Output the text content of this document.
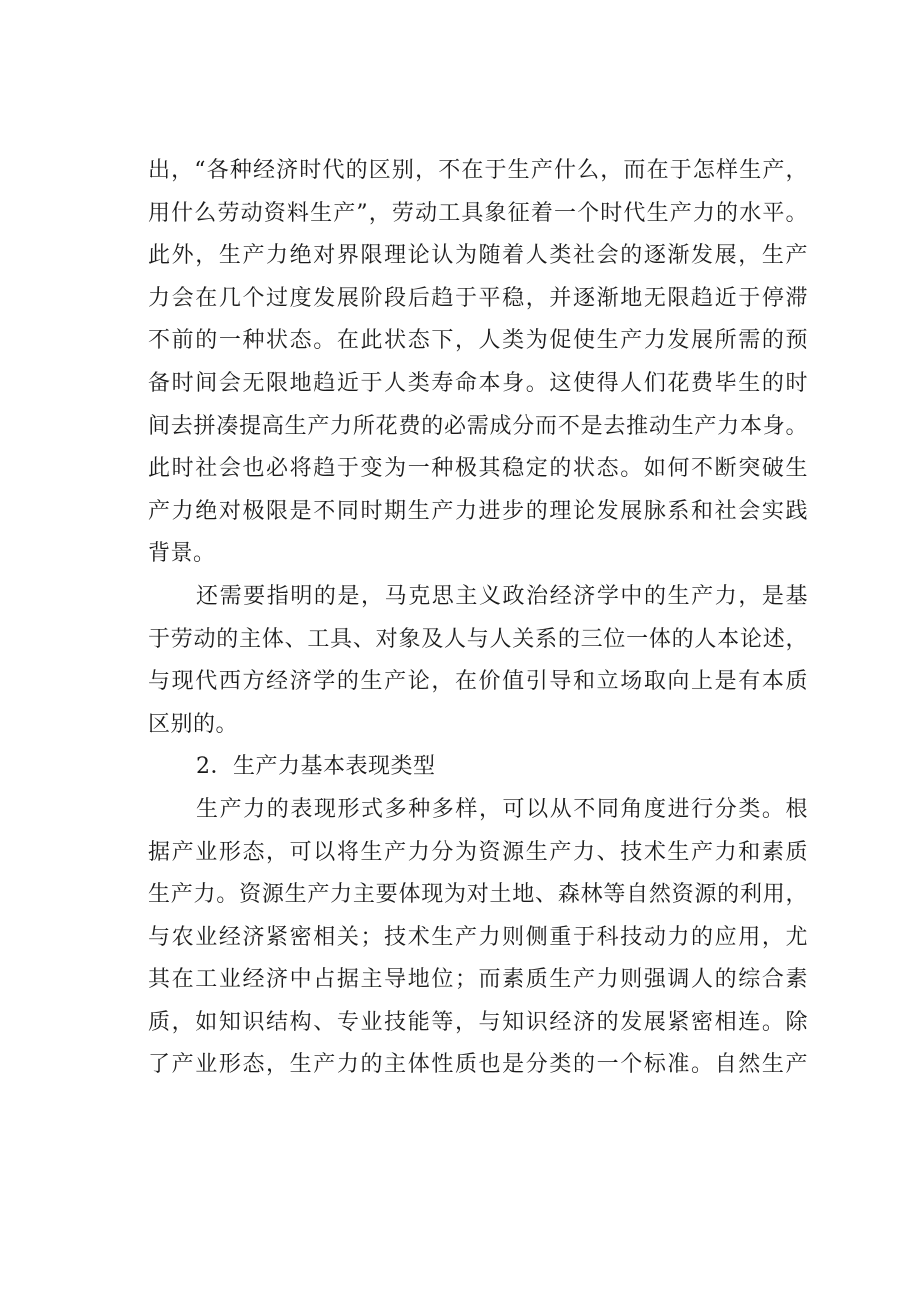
出，“各种经济时代的区别，不在于生产什么，而在于怎样生产，
用什么劳动资料生产”，劳动工具象征着一个时代生产力的水平。
此外，生产力绝对界限理论认为随着人类社会的逐渐发展，生产
力会在几个过度发展阶段后趋于平稳，并逐渐地无限趋近于停滞
不前的一种状态。在此状态下，人类为促使生产力发展所需的预
备时间会无限地趋近于人类寿命本身。这使得人们花费毕生的时
间去拼凑提高生产力所花费的必需成分而不是去推动生产力本身。
此时社会也必将趋于变为一种极其稳定的状态。如何不断突破生
产力绝对极限是不同时期生产力进步的理论发展脉系和社会实践
背景。
还需要指明的是，马克思主义政治经济学中的生产力，是基
于劳动的主体、工具、对象及人与人关系的三位一体的人本论述，
与现代西方经济学的生产论，在价值引导和立场取向上是有本质
区别的。
2．生产力基本表现类型
生产力的表现形式多种多样，可以从不同角度进行分类。根
据产业形态，可以将生产力分为资源生产力、技术生产力和素质
生产力。资源生产力主要体现为对土地、森林等自然资源的利用，
与农业经济紧密相关；技术生产力则侧重于科技动力的应用，尤
其在工业经济中占据主导地位；而素质生产力则强调人的综合素
质，如知识结构、专业技能等，与知识经济的发展紧密相连。除
了产业形态，生产力的主体性质也是分类的一个标准。自然生产
